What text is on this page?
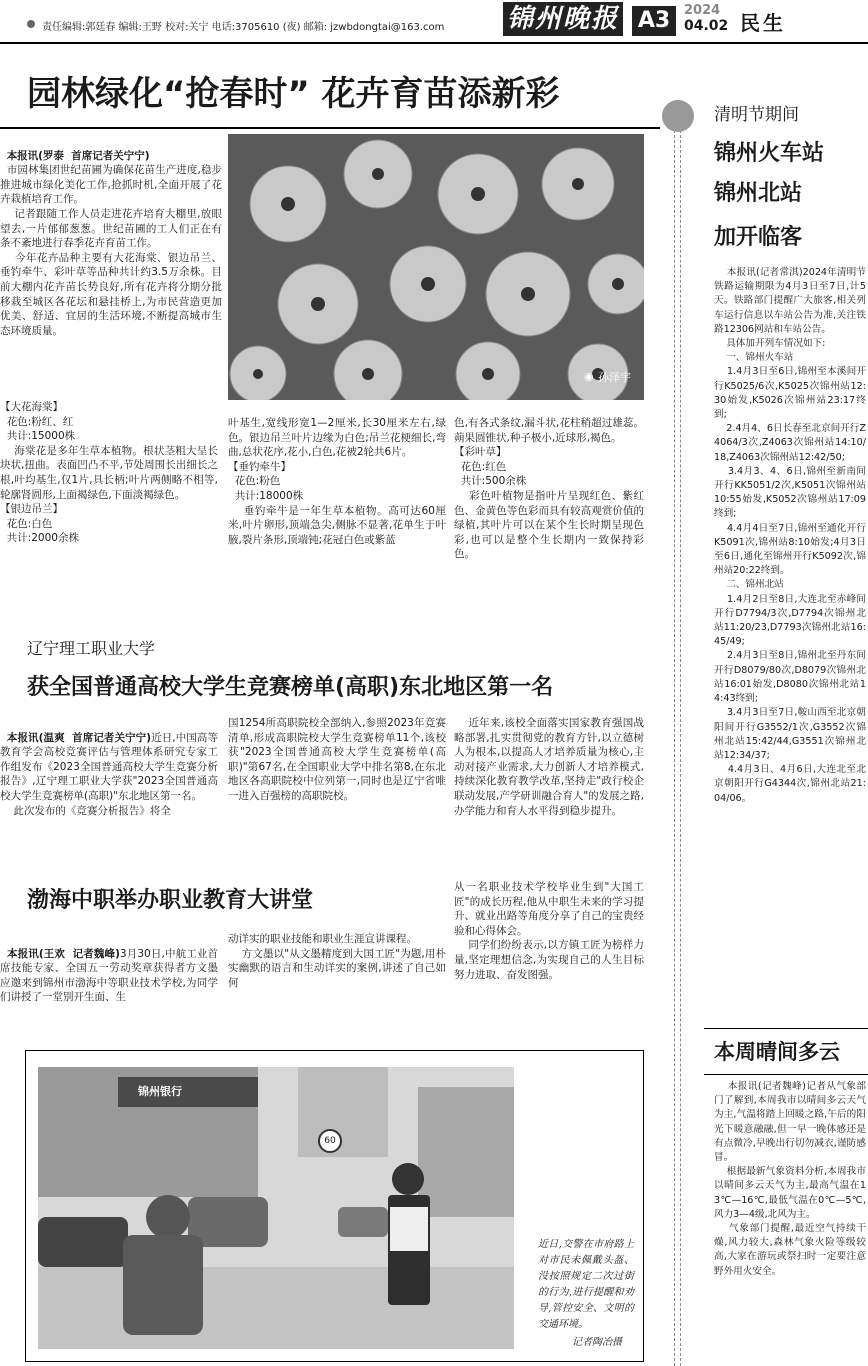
责任编辑:郭廷春 编辑:王野 校对:关宁 电话:3705610 (夜) 邮箱: jzwbdongtai@163.com 锦州晚报 A3	2024
04.02 民生
园林绿化“抢春时” 花卉育苗添新彩

本报讯(罗泰  首席记者关宁宁)
市园林集团世纪苗圃为确保花苗生产进度,稳步推进城市绿化美化工作,抢抓时机,全面开展了花卉栽植培育工作。
记者跟随工作人员走进花卉培育大棚里,放眼望去,一片郁郁葱葱。世纪苗圃的工人们正在有条不紊地进行春季花卉育苗工作。
今年花卉品种主要有大花海棠、银边吊兰、垂钓牵牛、彩叶草等品种共计约3.5万余株。目前大棚内花卉苗长势良好,所有花卉将分期分批移栽至城区各花坛和悬挂桥上,为市民营造更加优美、舒适、宜居的生活环境,不断提高城市生态环境质量。

◉ 孙泽宇
【大花海棠】
花色:粉红、红
共计:15000株
海棠花是多年生草本植物。根状茎粗大呈长块状,扭曲。表面凹凸不平,节处周围长出细长之根,叶均基生,仅1片,具长柄;叶片两侧略不相等,轮廓肾圆形,上面褐绿色,下面淡褐绿色。
【银边吊兰】
花色:白色
共计:2000余株
叶基生,宽线形宽1—2厘米,长30厘米左右,绿色。银边吊兰叶片边缘为白色;吊兰花梗细长,弯曲,总状花序,花小,白色,花被2轮共6片。
【垂钓牵牛】
花色:粉色
共计:18000株
垂钓牵牛是一年生草本植物。高可达60厘米,叶片卵形,顶端急尖,侧脉不显著,花单生于叶腋,裂片条形,顶端钝;花冠白色或紫蓝
色,有各式条纹,漏斗状,花柱稍超过雄蕊。蒴果圆锥状,种子极小,近球形,褐色。
【彩叶草】
花色:红色
共计:500余株
彩色叶植物是指叶片呈现红色、紫红色、金黄色等色彩而具有较高观赏价值的绿植,其叶片可以在某个生长时期呈现色彩,也可以是整个生长期内一致保持彩色。
辽宁理工职业大学
获全国普通高校大学生竞赛榜单(高职)东北地区第一名

本报讯(温爽  首席记者关宁宁)近日,中国高等教育学会高校竞赛评估与管理体系研究专家工作组发布《2023全国普通高校大学生竞赛分析报告》,辽宁理工职业大学获"2023全国普通高校大学生竞赛榜单(高职)"东北地区第一名。
此次发布的《竞赛分析报告》将全

国1254所高职院校全部纳入,参照2023年竞赛清单,形成高职院校大学生竞赛榜单11个,该校获"2023全国普通高校大学生竞赛榜单(高职)"第67名,在全国职业大学中排名第8,在东北地区各高职院校中位列第一,同时也是辽宁省唯一进入百强榜的高职院校。
近年来,该校全面落实国家教育强国战略部署,扎实贯彻党的教育方针,以立德树人为根本,以提高人才培养质量为核心,主动对接产业需求,大力创新人才培养模式,持续深化教育教学改革,坚持走"政行校企联动发展,产学研训融合育人"的发展之路,办学能力和育人水平得到稳步提升。
渤海中职举办职业教育大讲堂

本报讯(王欢  记者魏峰)3月30日,中航工业首席技能专家、全国五一劳动奖章获得者方文墨应邀来到锦州市渤海中等职业技术学校,为同学们讲授了一堂别开生面、生

动详实的职业技能和职业生涯宣讲课程。
方文墨以"从文墨精度到大国工匠"为题,用朴实幽默的语言和生动详实的案例,讲述了自己如何
从一名职业技术学校毕业生到"大国工匠"的成长历程,他从中职生未来的学习提升、就业出路等角度分享了自己的宝贵经验和心得体会。
同学们纷纷表示,以方镇工匠为榜样力量,坚定理想信念,为实现自己的人生目标努力进取、奋发图强。
锦州银行
60
近日,交警在市府路上对市民未佩戴头盔、没按照规定二次过街的行为,进行提醒和劝导,管控安全、文明的交通环境。
记者陶冶摄
清明节期间
锦州火车站
锦州北站
加开临客
本报讯(记者常淇)2024年清明节铁路运输期限为4月3日至7日,计5天。铁路部门提醒广大旅客,相关列车运行信息以车站公告为准,关注铁路12306网站和车站公告。
具体加开列车情况如下:
一、锦州火车站
1.4月3日至6日,锦州至本溪间开行K5025/6次,K5025次锦州站12:30始发,K5026次锦州站23:17终到;
2.4月4、6日长春至北京间开行Z4064/3次,Z4063次锦州站14:10/18,Z4063次锦州站12:42/50;
3.4月3、4、6日,锦州至新南间开行KK5051/2次,K5051次锦州站10:55始发,K5052次锦州站17:09终到;
4.4月4日至7日,锦州至通化开行K5091次,锦州站8:10始发;4月3日至6日,通化至锦州开行K5092次,锦州站20:22终到。
二、锦州北站
1.4月2日至8日,大连北至赤峰间开行D7794/3次,D7794次锦州北站11:20/23,D7793次锦州北站16:45/49;
2.4月3日至8日,锦州北至丹东间开行D8079/80次,D8079次锦州北站16:01始发,D8080次锦州北站14:43终到;
3.4月3日至7日,鞍山西至北京朝阳间开行G3552/1次,G3552次锦州北站15:42/44,G3551次锦州北站12:34/37;
4.4月3日、4月6日,大连北至北京朝阳开行G4344次,锦州北站21:04/06。
本周晴间多云
本报讯(记者魏峰)记者从气象部门了解到,本周我市以晴间多云天气为主,气温将踏上回暖之路,午后的阳光下暖意融融,但一早一晚体感还是有点微冷,早晚出行切勿减衣,谨防感冒。
根据最新气象资料分析,本周我市以晴间多云天气为主,最高气温在13℃—16℃,最低气温在0℃—5℃,风力3—4级,北风为主。
气象部门提醒,最近空气持续干燥,风力较大,森林气象火险等级较高,大家在游玩或祭扫时一定要注意野外用火安全。
